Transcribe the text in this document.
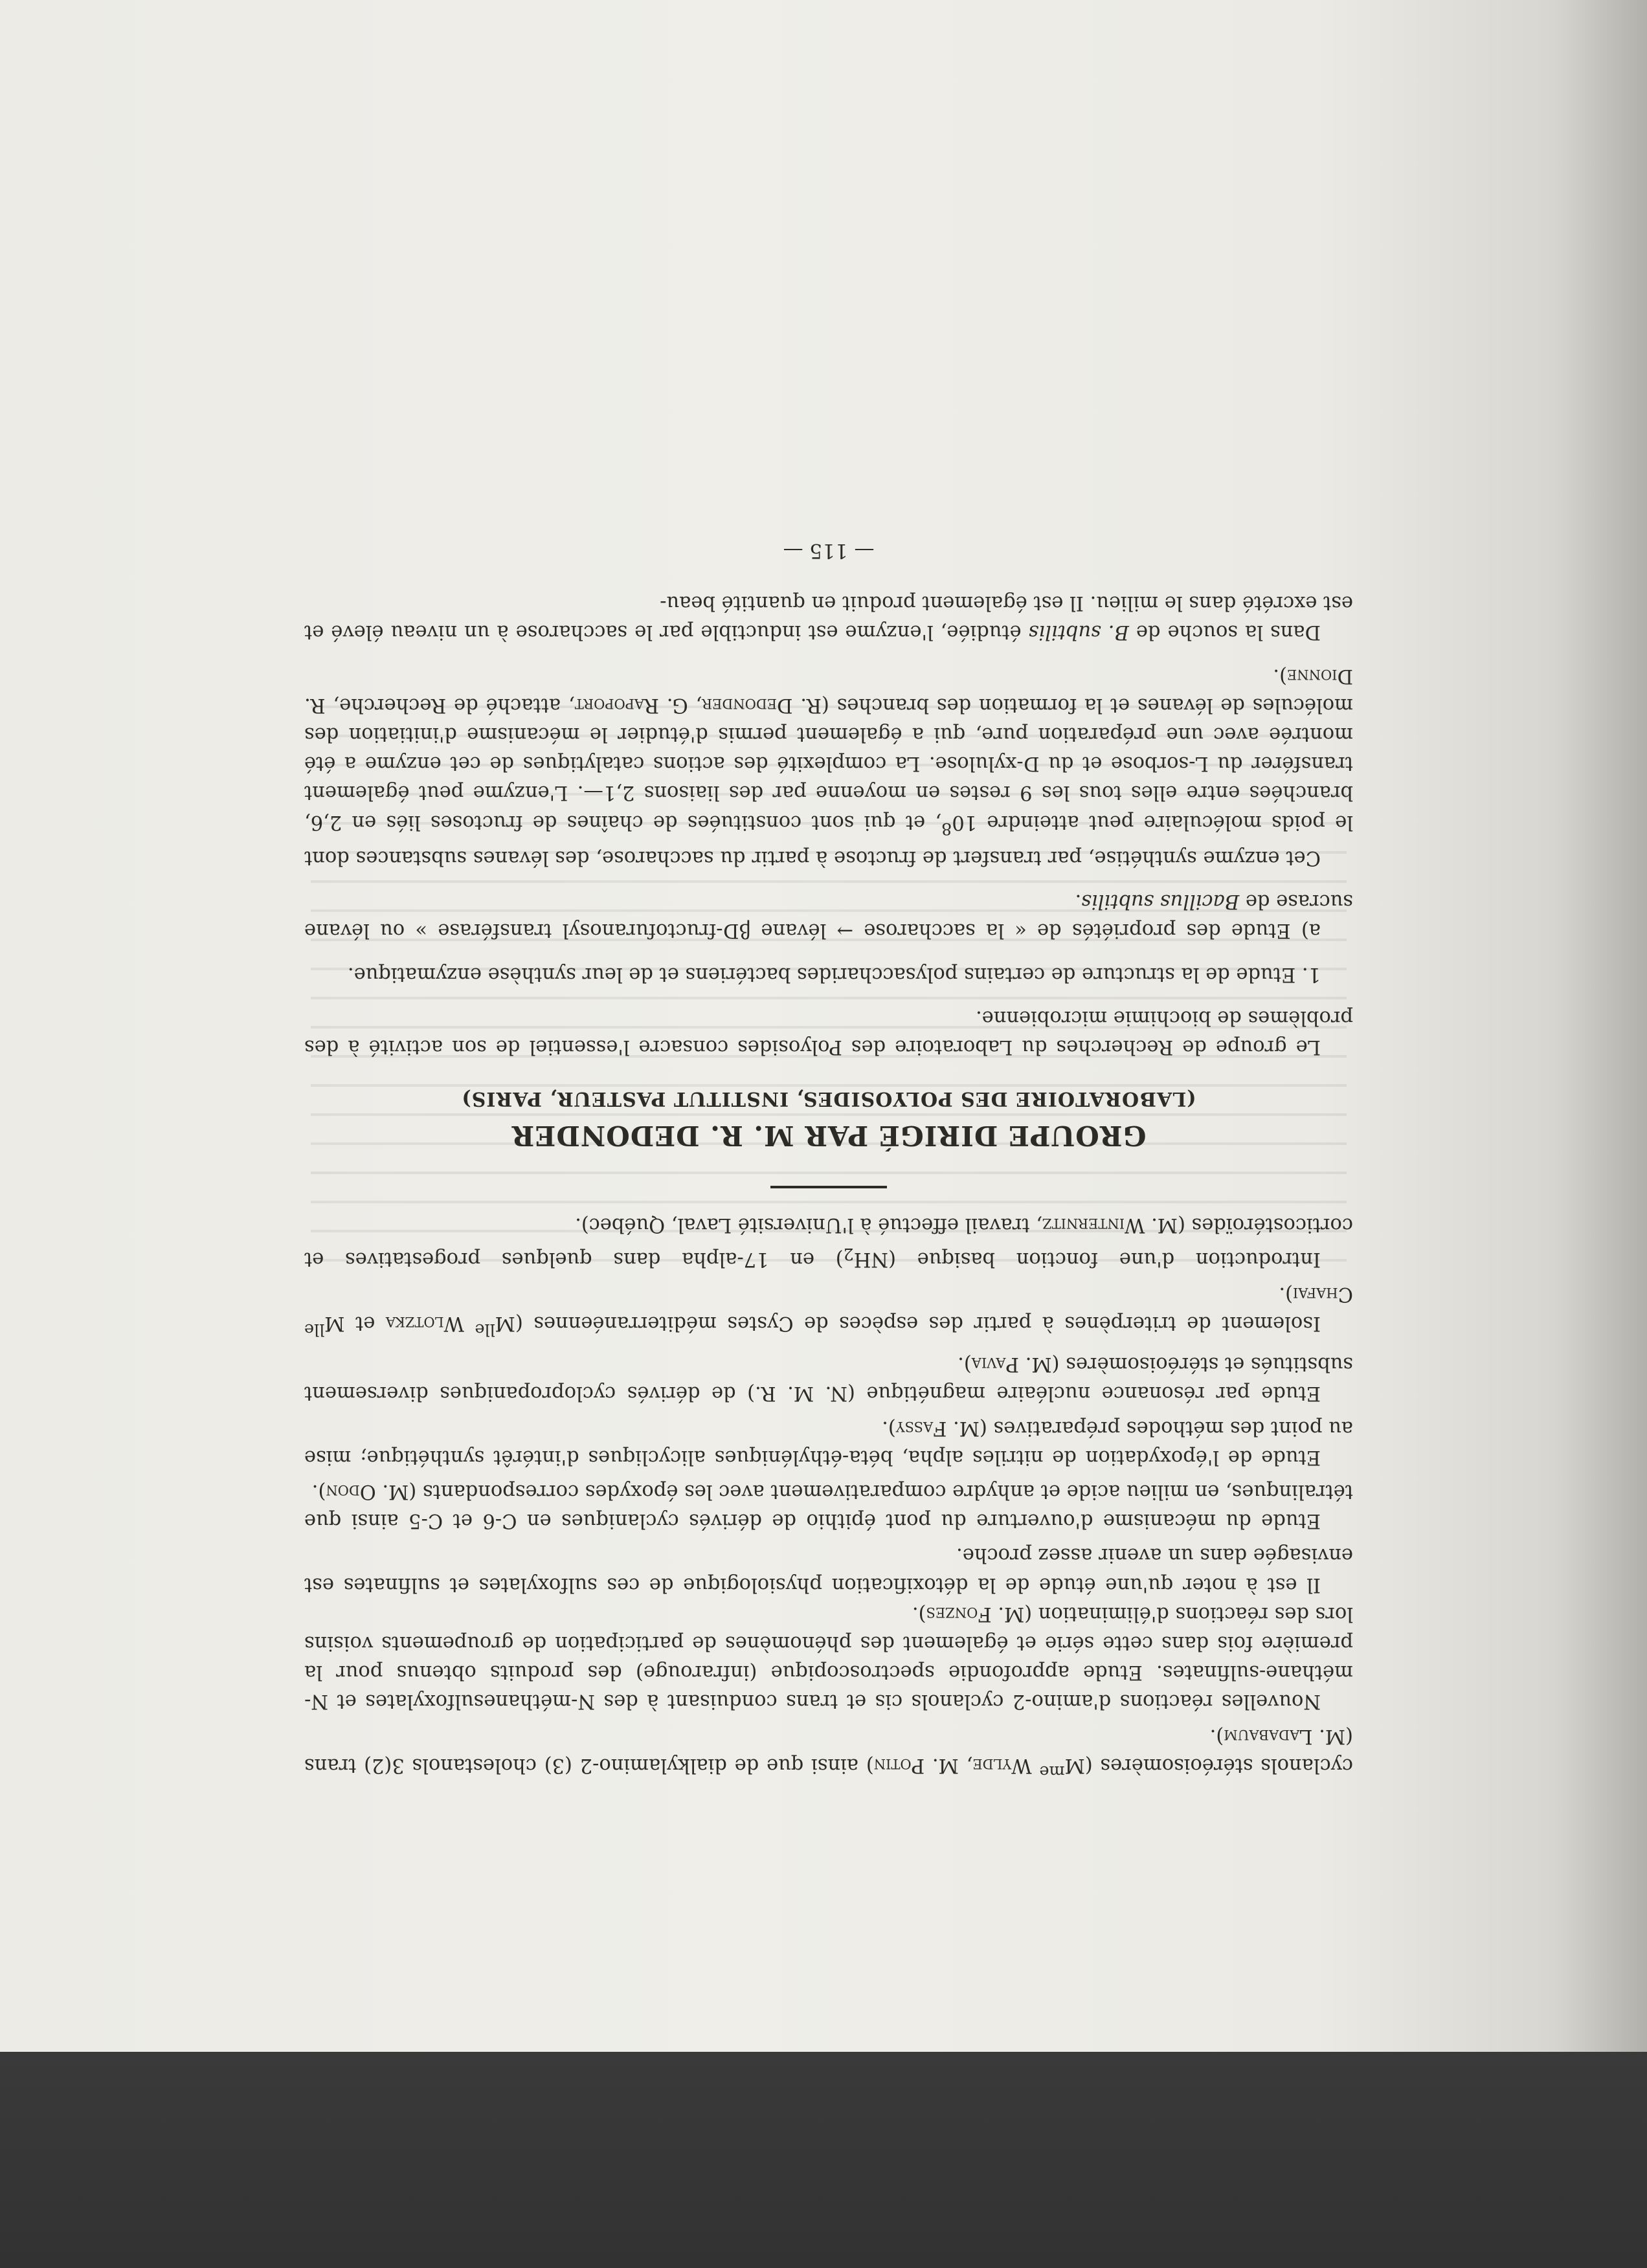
cyclanols stéréoisomères ($M^{me}$ Wylde, M. Potin) ainsi que de dialkylamino-2 (3) cholestanols 3(2) trans (M. Ladabaum).

Nouvelles réactions d'amino-2 cyclanols cis et trans conduisant à des N-méthanesulfoxylates et N-méthane-sulfinates. Etude approfondie spectroscopique (infrarouge) des produits obtenus pour la première fois dans cette série et également des phénomènes de participation de groupements voisins lors des réactions d'élimination (M. Fonzes).

Il est à noter qu'une étude de la détoxification physiologique de ces sulfoxylates et sulfinates est envisagée dans un avenir assez proche.

Etude du mécanisme d'ouverture du pont épithio de dérivés cyclaniques en C-6 et C-5 ainsi que tétralinques, en milieu acide et anhydre comparativement avec les époxydes correspondants (M. Odon).

Etude de l'époxydation de nitriles alpha, béta-éthyléniques alicycliques d'intérêt synthétique; mise au point des méthodes préparatives (M. Fassy).

Etude par résonance nucléaire magnétique (N. M. R.) de dérivés cyclopropaniques diversement substitués et stéréoisomères (M. Pavia).

Isolement de triterpènes à partir des espèces de Cystes méditerranéennes ($M^{lle}$ Wlotzka et $M^{lle}$ Chafai).

Introduction d'une fonction basique $(NH_2)$ en 17-alpha dans quelques progestatives et corticostéroïdes (M. Winternitz, travail effectué à l'Université Laval, Québec).

GROUPE DIRIGÉ PAR M. R. DEDONDER

(LABORATOIRE DES POLYOSIDES, INSTITUT PASTEUR, PARIS)

Le groupe de Recherches du Laboratoire des Polyosides consacre l'essentiel de son activité à des problèmes de biochimie microbienne.

1. Etude de la structure de certains polysaccharides bactériens et de leur synthèse enzymatique.

a) Etude des propriétés de « la saccharose → lévane βD-fructofuranosyl transférase » ou lévane sucrase de Bacillus subtilis.

Cet enzyme synthétise, par transfert de fructose à partir du saccharose, des lévanes substances dont le poids moléculaire peut atteindre $10^8$, et qui sont constituées de chaînes de fructoses liés en 2,6, branchées entre elles tous les 9 restes en moyenne par des liaisons 2,1—. L'enzyme peut également transférer du L-sorbose et du D-xylulose. La complexité des actions catalytiques de cet enzyme a été montrée avec une préparation pure, qui a également permis d'étudier le mécanisme d'initiation des molécules de lévanes et la formation des branches (R. Dedonder, G. Rapoport, attaché de Recherche, R. Dionne).

Dans la souche de B. subtilis étudiée, l'enzyme est inductible par le saccharose à un niveau élevé et est excrété dans le milieu. Il est également produit en quantité beau-

— 115 —
